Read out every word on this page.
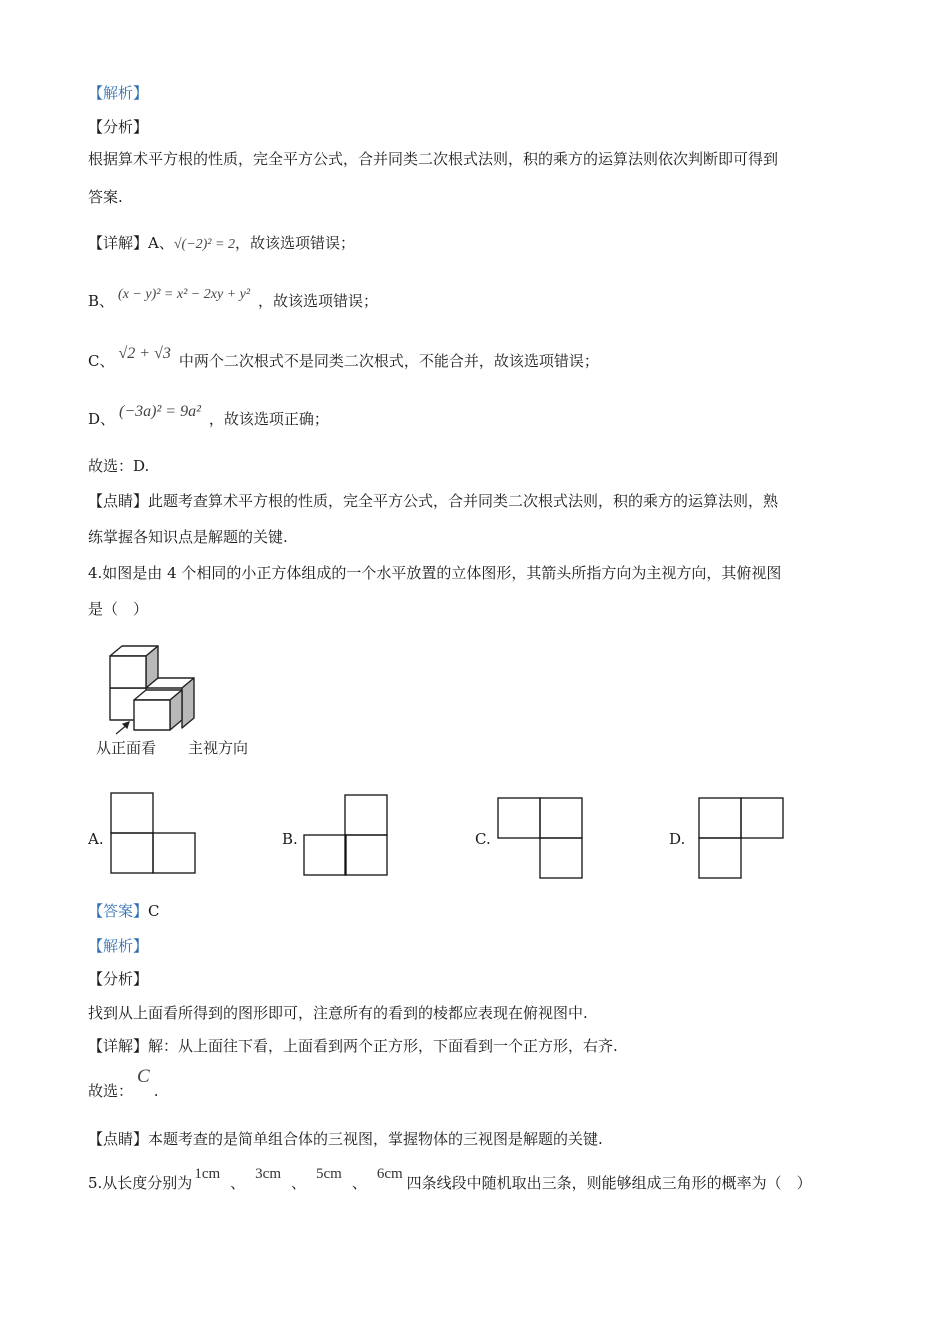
【解析】
【分析】
根据算术平方根的性质，完全平方公式，合并同类二次根式法则，积的乘方的运算法则依次判断即可得到
答案.
【详解】A、√(−2)² = 2，故该选项错误；
B、 (x − y)² = x² − 2xy + y² ，故该选项错误；
C、 √2 + √3 中两个二次根式不是同类二次根式，不能合并，故该选项错误；
D、 (−3a)² = 9a² ，故该选项正确；
故选：D.
【点睛】此题考查算术平方根的性质，完全平方公式，合并同类二次根式法则，积的乘方的运算法则，熟
练掌握各知识点是解题的关键.
4.如图是由 4 个相同的小正方体组成的一个水平放置的立体图形，其箭头所指方向为主视方向，其俯视图
是（　）
从正面看 主视方向
A.	B.	C.	D.
【答案】C
【解析】
【分析】
找到从上面看所得到的图形即可，注意所有的看到的棱都应表现在俯视图中.
【详解】解：从上面往下看，上面看到两个正方形，下面看到一个正方形，右齐.
故选：C.
【点睛】本题考查的是简单组合体的三视图，掌握物体的三视图是解题的关键.
5.从长度分别为 1cm 、 3cm 、 5cm 、 6cm 四条线段中随机取出三条，则能够组成三角形的概率为（　）
